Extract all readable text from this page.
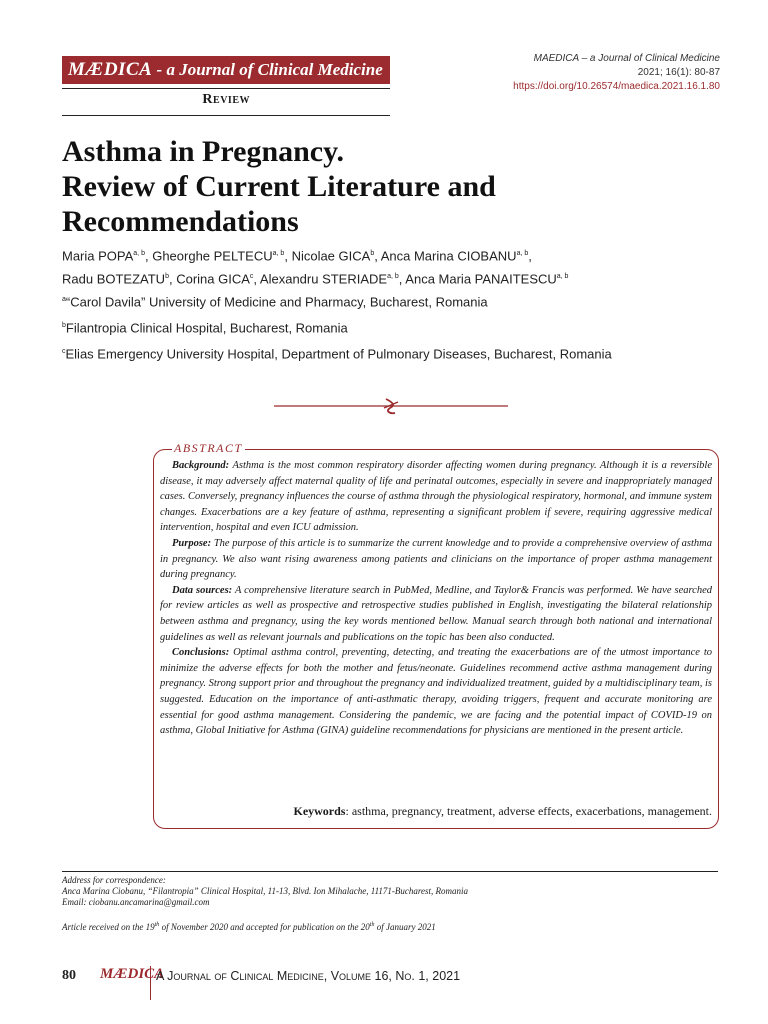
MÆDICA - a Journal of Clinical Medicine
Review
MAEDICA – a Journal of Clinical Medicine
2021; 16(1): 80-87
https://doi.org/10.26574/maedica.2021.16.1.80
Asthma in Pregnancy.
Review of Current Literature and
Recommendations
Maria POPA$^{a, b}$, Gheorghe PELTECU$^{a, b}$, Nicolae GICA$^b$, Anca Marina CIOBANU$^{a, b}$,
Radu BOTEZATU$^b$, Corina GICA$^c$, Alexandru STERIADE$^{a, b}$, Anca Maria PANAITESCU$^{a, b}$
$^a$“Carol Davila” University of Medicine and Pharmacy, Bucharest, Romania
$^b$Filantropia Clinical Hospital, Bucharest, Romania
$^c$Elias Emergency University Hospital, Department of Pulmonary Diseases, Bucharest, Romania
ABSTRACT

Background: Asthma is the most common respiratory disorder affecting women during pregnancy. Although it is a reversible disease, it may adversely affect maternal quality of life and perinatal outcomes, especially in severe and inappropriately managed cases. Conversely, pregnancy influences the course of asthma through the physiological respiratory, hormonal, and immune system changes. Exacerbations are a key feature of asthma, representing a significant problem if severe, requiring aggressive medical intervention, hospital and even ICU admission.

Purpose: The purpose of this article is to summarize the current knowledge and to provide a comprehensive overview of asthma in pregnancy. We also want rising awareness among patients and clinicians on the importance of proper asthma management during pregnancy.

Data sources: A comprehensive literature search in PubMed, Medline, and Taylor& Francis was performed. We have searched for review articles as well as prospective and retrospective studies published in English, investigating the bilateral relationship between asthma and pregnancy, using the key words mentioned bellow. Manual search through both national and international guidelines as well as relevant journals and publications on the topic has been also conducted.

Conclusions: Optimal asthma control, preventing, detecting, and treating the exacerbations are of the utmost importance to minimize the adverse effects for both the mother and fetus/neonate. Guidelines recommend active asthma management during pregnancy. Strong support prior and throughout the pregnancy and individualized treatment, guided by a multidisciplinary team, is suggested. Education on the importance of anti-asthmatic therapy, avoiding triggers, frequent and accurate monitoring are essential for good asthma management. Considering the pandemic, we are facing and the potential impact of COVID-19 on asthma, Global Initiative for Asthma (GINA) guideline recommendations for physicians are mentioned in the present article.

Keywords: asthma, pregnancy, treatment, adverse effects, exacerbations, management.
Address for correspondence:
Anca Marina Ciobanu, “Filantropia” Clinical Hospital, 11-13, Blvd. Ion Mihalache, 11171-Bucharest, Romania
Email: ciobanu.ancamarina@gmail.com
Article received on the 19th of November 2020 and accepted for publication on the 20th of January 2021
80 MÆDICA
A Journal of Clinical Medicine, Volume 16, No. 1, 2021
